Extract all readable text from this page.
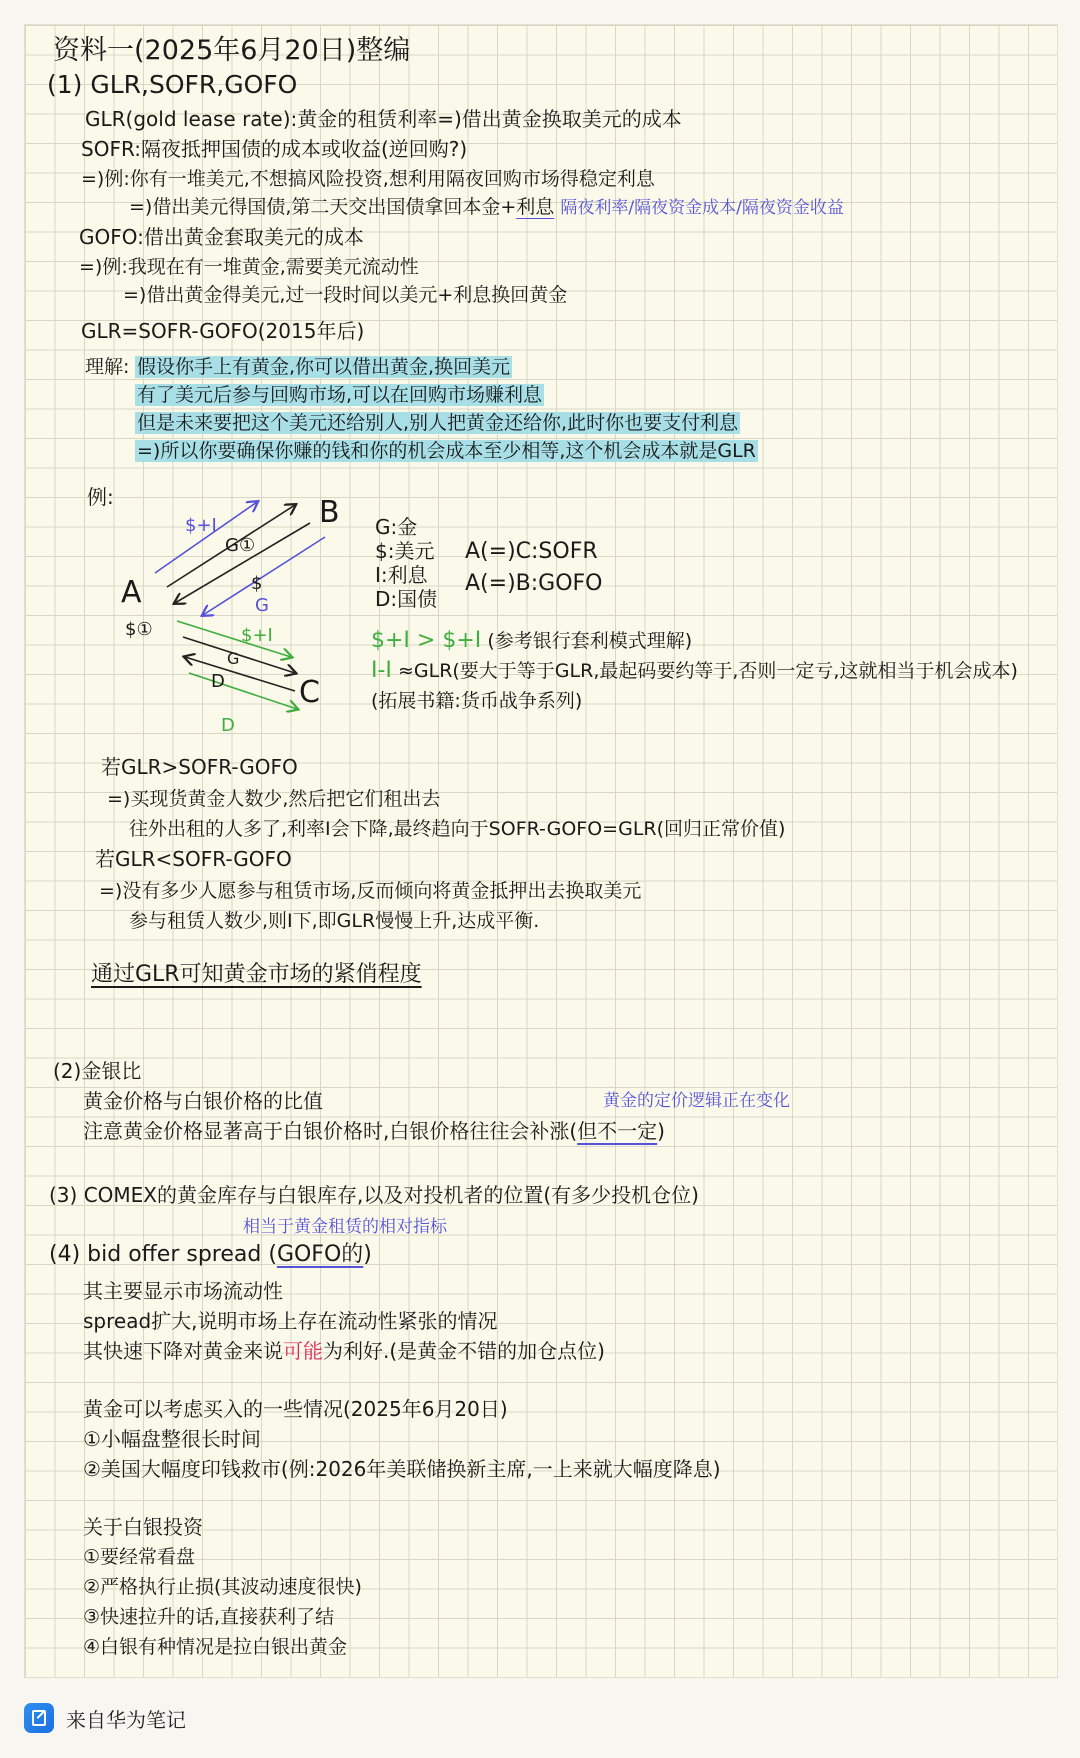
资料一(2025年6月20日)整编
(1) GLR,SOFR,GOFO
GLR(gold lease rate):黄金的租赁利率=)借出黄金换取美元的成本
SOFR:隔夜抵押国债的成本或收益(逆回购?)
=)例:你有一堆美元,不想搞风险投资,想利用隔夜回购市场得稳定利息
=)借出美元得国债,第二天交出国债拿回本金+利息 隔夜利率/隔夜资金成本/隔夜资金收益
GOFO:借出黄金套取美元的成本
=)例:我现在有一堆黄金,需要美元流动性
=)借出黄金得美元,过一段时间以美元+利息换回黄金
GLR=SOFR-GOFO(2015年后)
理解: 假设你手上有黄金,你可以借出黄金,换回美元
有了美元后参与回购市场,可以在回购市场赚利息
但是未来要把这个美元还给别人,别人把黄金还给你,此时你也要支付利息
=)所以你要确保你赚的钱和你的机会成本至少相等,这个机会成本就是GLR
例:
A
B
C
$①
$+I
G①
$
G
$+I
G
D
D
G:金
$:美元
I:利息
D:国债
A(=)C:SOFR
A(=)B:GOFO
$+I > $+I (参考银行套利模式理解)
I-I ≈GLR(要大于等于GLR,最起码要约等于,否则一定亏,这就相当于机会成本)
(拓展书籍:货币战争系列)
若GLR>SOFR-GOFO
=)买现货黄金人数少,然后把它们租出去
往外出租的人多了,利率I会下降,最终趋向于SOFR-GOFO=GLR(回归正常价值)
若GLR<SOFR-GOFO
=)没有多少人愿参与租赁市场,反而倾向将黄金抵押出去换取美元
参与租赁人数少,则I下,即GLR慢慢上升,达成平衡.
通过GLR可知黄金市场的紧俏程度
(2)金银比
黄金价格与白银价格的比值	黄金的定价逻辑正在变化
注意黄金价格显著高于白银价格时,白银价格往往会补涨(但不一定)
(3) COMEX的黄金库存与白银库存,以及对投机者的位置(有多少投机仓位)
相当于黄金租赁的相对指标
(4) bid offer spread (GOFO的)
其主要显示市场流动性
spread扩大,说明市场上存在流动性紧张的情况
其快速下降对黄金来说可能为利好.(是黄金不错的加仓点位)
黄金可以考虑买入的一些情况(2025年6月20日)
①小幅盘整很长时间
②美国大幅度印钱救市(例:2026年美联储换新主席,一上来就大幅度降息)
关于白银投资
①要经常看盘
②严格执行止损(其波动速度很快)
③快速拉升的话,直接获利了结
④白银有种情况是拉白银出黄金
来自华为笔记
